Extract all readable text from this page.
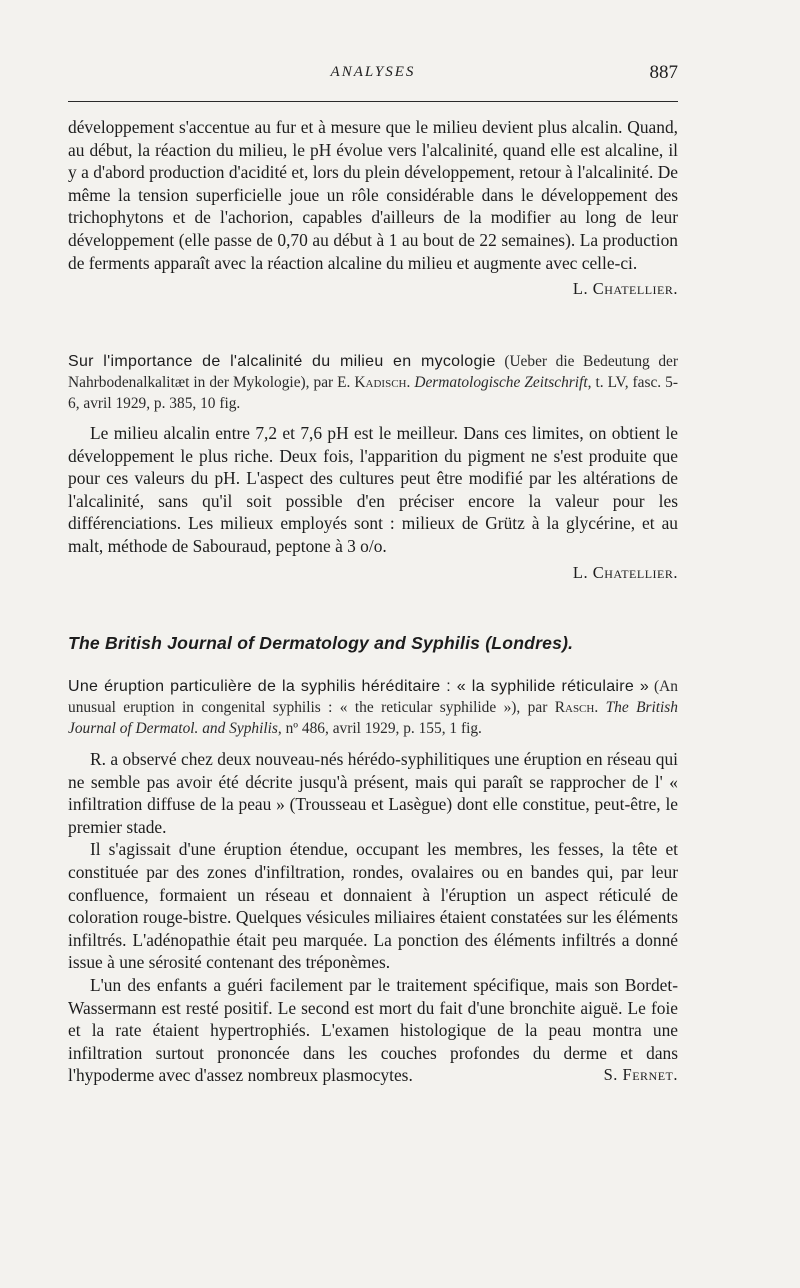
ANALYSES	887

développement s'accentue au fur et à mesure que le milieu devient plus alcalin. Quand, au début, la réaction du milieu, le pH évolue vers l'alcalinité, quand elle est alcaline, il y a d'abord production d'acidité et, lors du plein développement, retour à l'alcalinité. De même la tension superficielle joue un rôle considérable dans le développement des trichophytons et de l'achorion, capables d'ailleurs de la modifier au long de leur développement (elle passe de 0,70 au début à 1 au bout de 22 semaines). La production de ferments apparaît avec la réaction alcaline du milieu et augmente avec celle-ci.

L. Chatellier.

Sur l'importance de l'alcalinité du milieu en mycologie (Ueber die Bedeutung der Nahrbodenalkalitæt in der Mykologie), par E. Kadisch. Dermatologische Zeitschrift, t. LV, fasc. 5-6, avril 1929, p. 385, 10 fig.

Le milieu alcalin entre 7,2 et 7,6 pH est le meilleur. Dans ces limites, on obtient le développement le plus riche. Deux fois, l'apparition du pigment ne s'est produite que pour ces valeurs du pH. L'aspect des cultures peut être modifié par les altérations de l'alcalinité, sans qu'il soit possible d'en préciser encore la valeur pour les différenciations. Les milieux employés sont : milieux de Grütz à la glycérine, et au malt, méthode de Sabouraud, peptone à 3 o/o.

L. Chatellier.

The British Journal of Dermatology and Syphilis (Londres).

Une éruption particulière de la syphilis héréditaire : « la syphilide réticulaire » (An unusual eruption in congenital syphilis : « the reticular syphilide »), par Rasch. The British Journal of Dermatol. and Syphilis, nº 486, avril 1929, p. 155, 1 fig.

R. a observé chez deux nouveau-nés hérédo-syphilitiques une éruption en réseau qui ne semble pas avoir été décrite jusqu'à présent, mais qui paraît se rapprocher de l' « infiltration diffuse de la peau » (Trousseau et Lasègue) dont elle constitue, peut-être, le premier stade.

Il s'agissait d'une éruption étendue, occupant les membres, les fesses, la tête et constituée par des zones d'infiltration, rondes, ovalaires ou en bandes qui, par leur confluence, formaient un réseau et donnaient à l'éruption un aspect réticulé de coloration rouge-bistre. Quelques vésicules miliaires étaient constatées sur les éléments infiltrés. L'adénopathie était peu marquée. La ponction des éléments infiltrés a donné issue à une sérosité contenant des tréponèmes.

L'un des enfants a guéri facilement par le traitement spécifique, mais son Bordet-Wassermann est resté positif. Le second est mort du fait d'une bronchite aiguë. Le foie et la rate étaient hypertrophiés. L'examen histologique de la peau montra une infiltration surtout prononcée dans les couches profondes du derme et dans l'hypoderme avec d'assez nombreux plasmocytes.	S. Fernet.
